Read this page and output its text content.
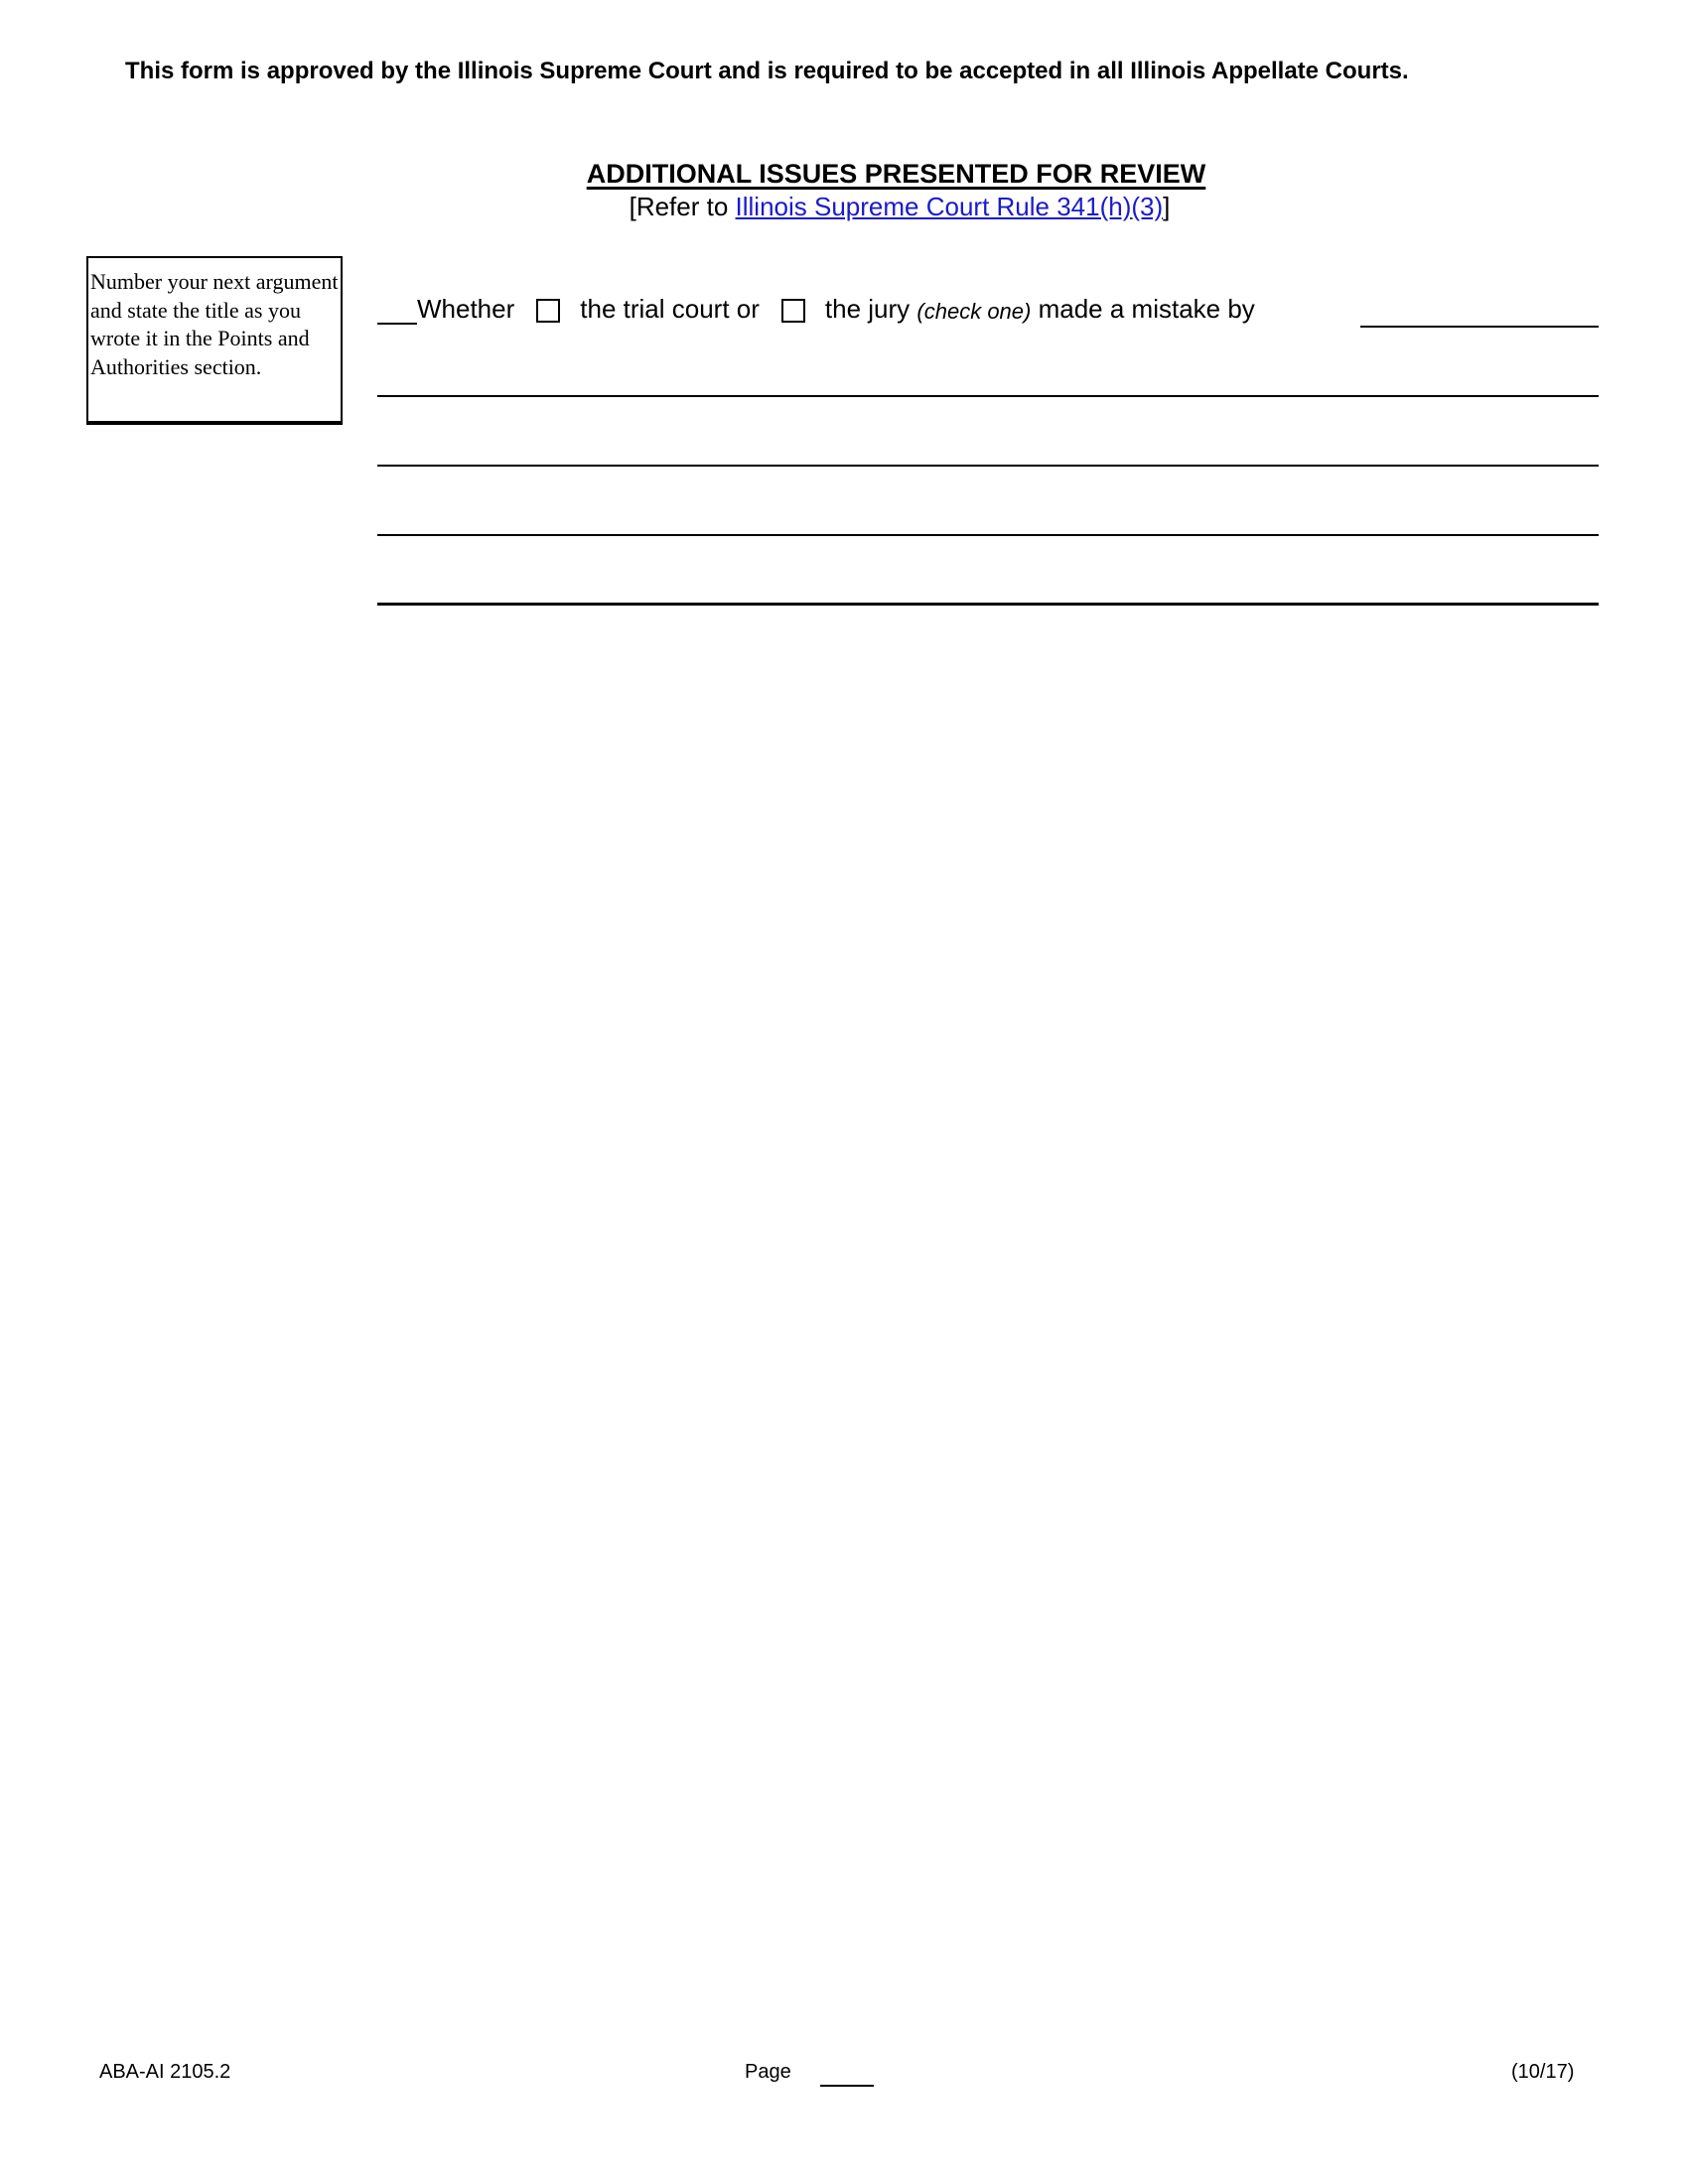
This form is approved by the Illinois Supreme Court and is required to be accepted in all Illinois Appellate Courts.
ADDITIONAL ISSUES PRESENTED FOR REVIEW
[Refer to Illinois Supreme Court Rule 341(h)(3)]
Number your next argument and state the title as you wrote it in the Points and Authorities section.
Whether	the trial court or	the jury
(check one)
made a mistake by
ABA-AI 2105.2	Page	(10/17)
